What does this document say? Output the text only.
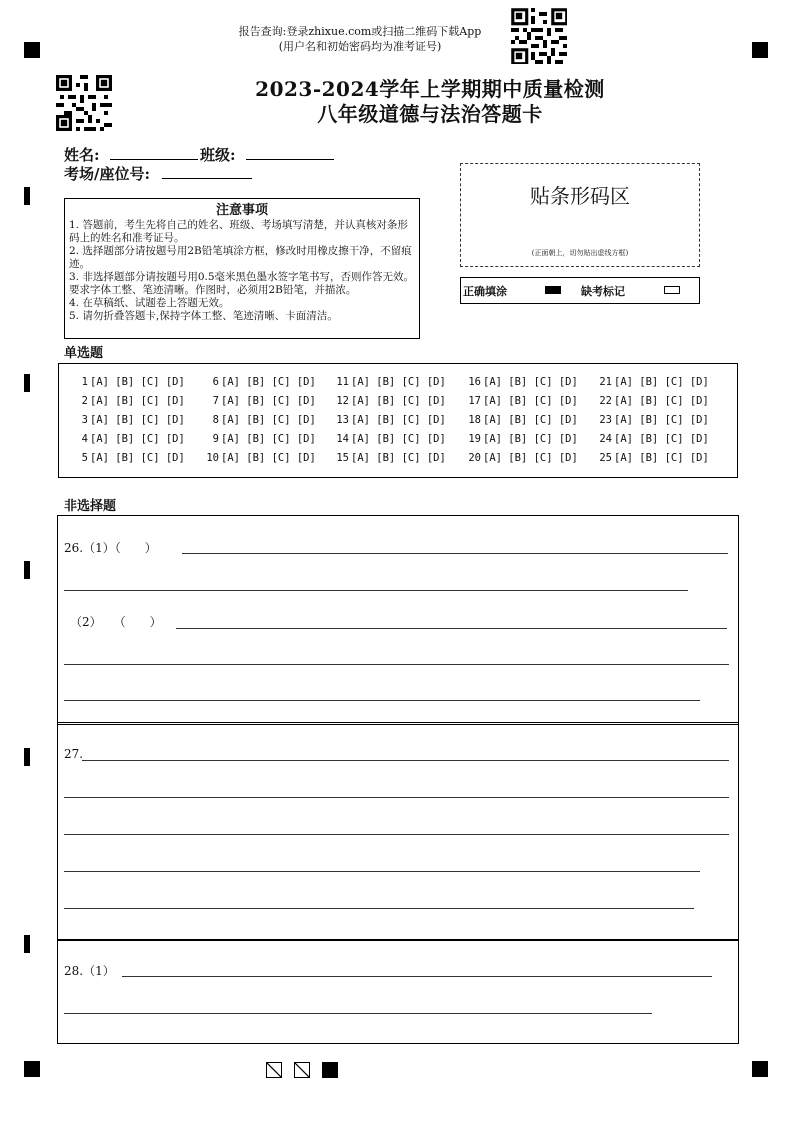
报告查询:登录zhixue.com或扫描二维码下载App
(用户名和初始密码均为准考证号)
2023-2024学年上学期期中质量检测
八年级道德与法治答题卡
姓名:	班级:
考场/座位号:
注意事项

1. 答题前，考生先将自己的姓名、班级、考场填写清楚，并认真核对条形码上的姓名和准考证号。

2. 选择题部分请按题号用2B铅笔填涂方框，修改时用橡皮擦干净，不留痕迹。

3. 非选择题部分请按题号用0.5毫米黑色墨水签字笔书写，否则作答无效。要求字体工整、笔迹清晰。作图时，必须用2B铅笔，并描浓。

4. 在草稿纸、试题卷上答题无效。

5. 请勿折叠答题卡,保持字体工整、笔迹清晰、卡面清洁。

贴条形码区
(正面朝上，切勿贴出虚线方框)
正确填涂	缺考标记
单选题
1 [A] [B] [C] [D]
2 [A] [B] [C] [D]
3 [A] [B] [C] [D]
4 [A] [B] [C] [D]
5 [A] [B] [C] [D]
6 [A] [B] [C] [D]
7 [A] [B] [C] [D]
8 [A] [B] [C] [D]
9 [A] [B] [C] [D]
10 [A] [B] [C] [D]
11 [A] [B] [C] [D]
12 [A] [B] [C] [D]
13 [A] [B] [C] [D]
14 [A] [B] [C] [D]
15 [A] [B] [C] [D]
16 [A] [B] [C] [D]
17 [A] [B] [C] [D]
18 [A] [B] [C] [D]
19 [A] [B] [C] [D]
20 [A] [B] [C] [D]
21 [A] [B] [C] [D]
22 [A] [B] [C] [D]
23 [A] [B] [C] [D]
24 [A] [B] [C] [D]
25 [A] [B] [C] [D]
非选择题
26.（1）（　　）
（2）　　（　　）
27.
28.（1）
